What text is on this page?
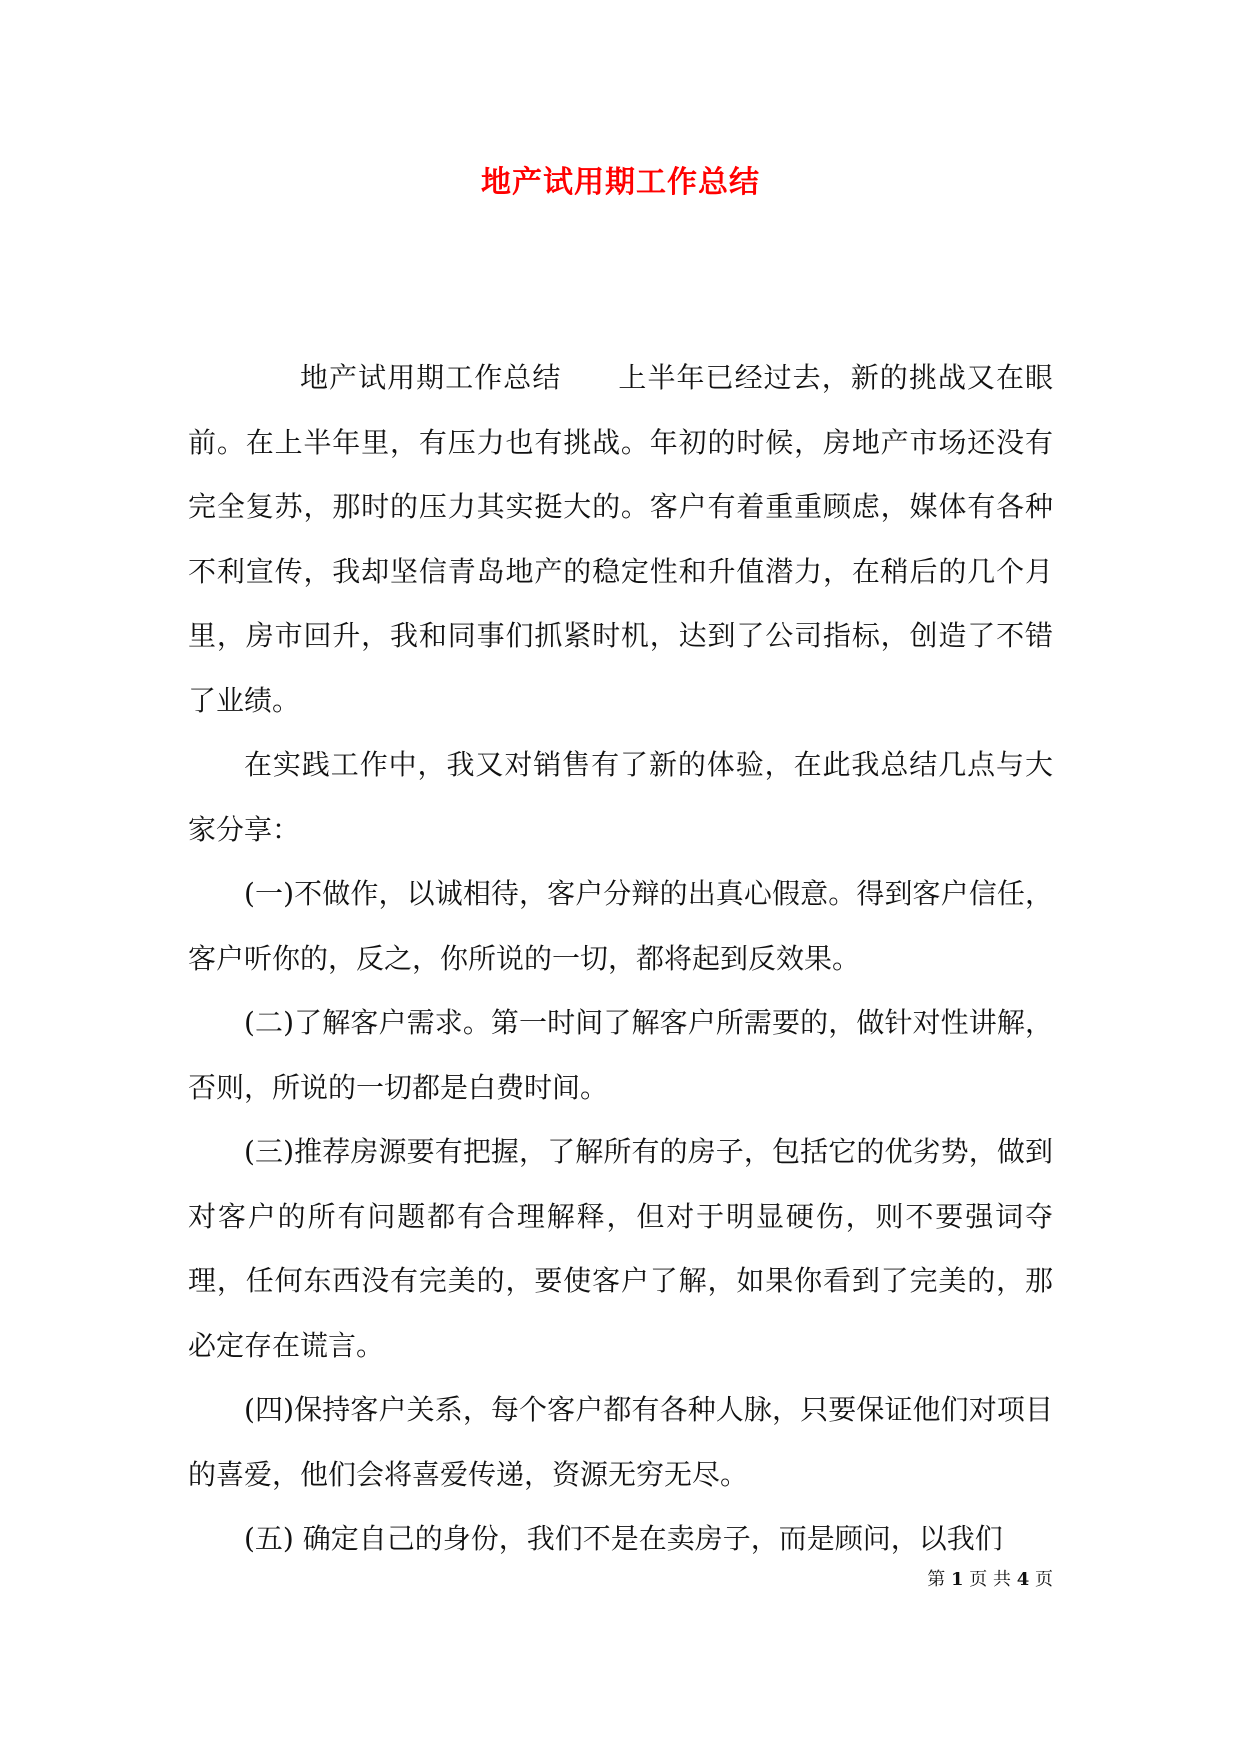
地产试用期工作总结

地产试用期工作总结 上半年已经过去，新的挑战又在眼前。在上半年里，有压力也有挑战。年初的时候，房地产市场还没有完全复苏，那时的压力其实挺大的。客户有着重重顾虑，媒体有各种不利宣传，我却坚信青岛地产的稳定性和升值潜力，在稍后的几个月里，房市回升，我和同事们抓紧时机，达到了公司指标，创造了不错了业绩。

在实践工作中，我又对销售有了新的体验，在此我总结几点与大家分享：

(一)不做作，以诚相待，客户分辩的出真心假意。得到客户信任，客户听你的，反之，你所说的一切，都将起到反效果。

(二)了解客户需求。第一时间了解客户所需要的，做针对性讲解，否则，所说的一切都是白费时间。

(三)推荐房源要有把握，了解所有的房子，包括它的优劣势，做到对客户的所有问题都有合理解释，但对于明显硬伤，则不要强词夺理，任何东西没有完美的，要使客户了解，如果你看到了完美的，那必定存在谎言。

(四)保持客户关系，每个客户都有各种人脉，只要保证他们对项目的喜爱，他们会将喜爱传递，资源无穷无尽。

(五) 确定自己的身份，我们不是在卖房子，而是顾问，以我们

第 1 页 共 4 页
